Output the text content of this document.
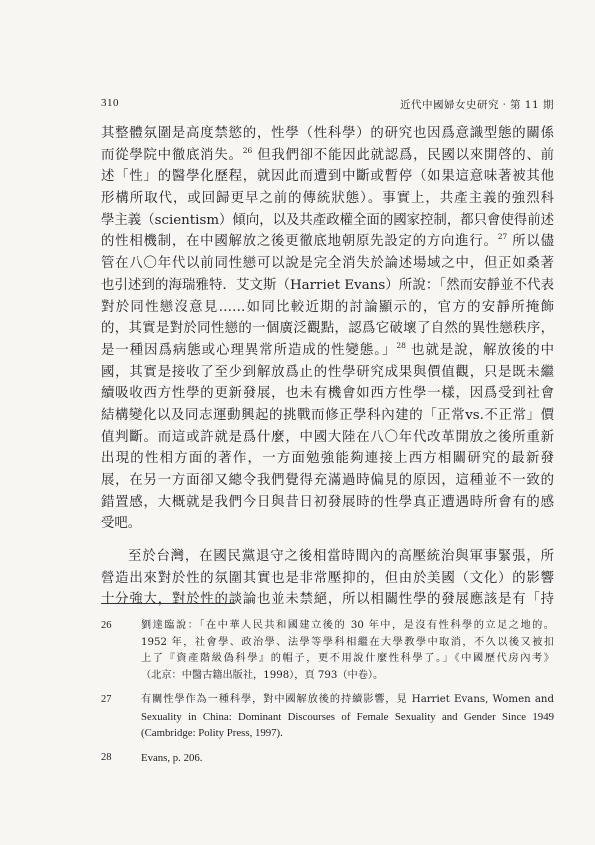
310	近代中國婦女史研究‧第 11 期
其整體氛圍是高度禁慾的，性學（性科學）的研究也因爲意識型態的關係
而從學院中徹底消失。$^{26}$ 但我們卻不能因此就認爲，民國以來開啓的、前
述「性」的醫學化歷程，就因此而遭到中斷或暫停（如果這意味著被其他
形構所取代，或回歸更早之前的傳統狀態）。事實上，共產主義的強烈科
學主義（scientism）傾向，以及共產政權全面的國家控制，都只會使得前述
的性相機制，在中國解放之後更徹底地朝原先設定的方向進行。$^{27}$ 所以儘
管在八〇年代以前同性戀可以說是完全消失於論述場域之中，但正如桑著
也引述到的海瑞雅特．艾文斯（Harriet Evans）所說：「然而安靜並不代表
對於同性戀沒意見……如同比較近期的討論顯示的，官方的安靜所掩飾
的，其實是對於同性戀的一個廣泛觀點，認爲它破壞了自然的異性戀秩序，
是一種因爲病態或心理異常所造成的性變態。」$^{28}$ 也就是說，解放後的中
國，其實是接收了至少到解放爲止的性學研究成果與價值觀，只是既未繼
續吸收西方性學的更新發展，也未有機會如西方性學一樣，因爲受到社會
結構變化以及同志運動興起的挑戰而修正學科內建的「正常vs.不正常」價
值判斷。而這或許就是爲什麼，中國大陸在八〇年代改革開放之後所重新
出現的性相方面的著作，一方面勉強能夠連接上西方相關研究的最新發
展，在另一方面卻又總令我們覺得充滿過時偏見的原因，這種並不一致的
錯置感，大概就是我們今日與昔日初發展時的性學真正遭遇時所會有的感
受吧。
至於台灣，在國民黨退守之後相當時間內的高壓統治與軍事緊張，所
營造出來對於性的氛圍其實也是非常壓抑的，但由於美國（文化）的影響
十分強大，對於性的談論也並未禁絕，所以相關性學的發展應該是有「持
26	劉達臨說：「在中華人民共和國建立後的 30 年中，是沒有性科學的立足之地的。
1952 年，社會學、政治學、法學等學科相繼在大學教學中取消，不久以後又被扣
上了『資產階級偽科學』的帽子，更不用說什麼性科學了。」《中國歷代房內考》
（北京：中醫古籍出版社，1998），頁 793（中卷）。
27	有關性學作為一種科學，對中國解放後的持續影響，見 Harriet Evans, Women and
Sexuality in China: Dominant Discourses of Female Sexuality and Gender Since 1949
(Cambridge: Polity Press, 1997).
28	Evans, p. 206.
